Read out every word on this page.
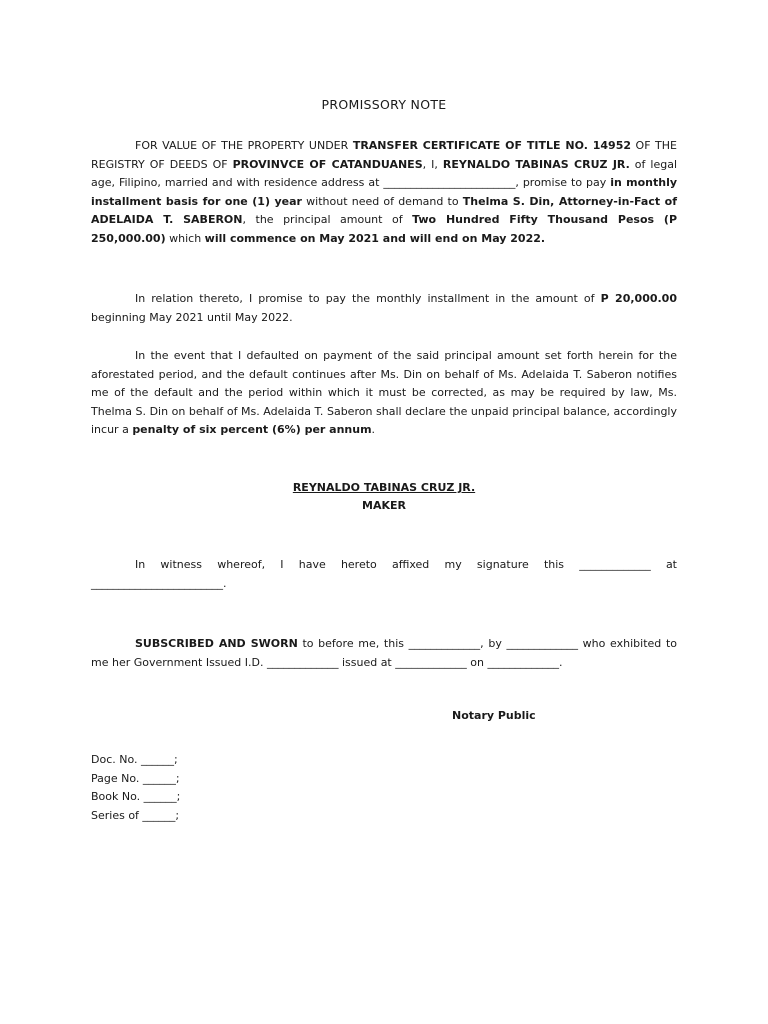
PROMISSORY NOTE

FOR VALUE OF THE PROPERTY UNDER TRANSFER CERTIFICATE OF TITLE NO. 14952 OF THE REGISTRY OF DEEDS OF PROVINVCE OF CATANDUANES, I, REYNALDO TABINAS CRUZ JR. of legal age, Filipino, married and with residence address at ________________________, promise to pay in monthly installment basis for one (1) year without need of demand to Thelma S. Din, Attorney-in-Fact of ADELAIDA T. SABERON, the principal amount of Two Hundred Fifty Thousand Pesos (P 250,000.00) which will commence on May 2021 and will end on May 2022.

In relation thereto, I promise to pay the monthly installment in the amount of P 20,000.00 beginning May 2021 until May 2022.

In the event that I defaulted on payment of the said principal amount set forth herein for the aforestated period, and the default continues after Ms. Din on behalf of Ms. Adelaida T. Saberon notifies me of the default and the period within which it must be corrected, as may be required by law, Ms. Thelma S. Din on behalf of Ms. Adelaida T. Saberon shall declare the unpaid principal balance, accordingly incur a penalty of six percent (6%) per annum.

REYNALDO TABINAS CRUZ JR.
MAKER

In witness whereof, I have hereto affixed my signature this _____________ at ________________________.

SUBSCRIBED AND SWORN to before me, this _____________, by _____________ who exhibited to me her Government Issued I.D. _____________ issued at _____________ on _____________.

Notary Public
Doc. No. ______;
Page No. ______;
Book No. ______;
Series of ______;
